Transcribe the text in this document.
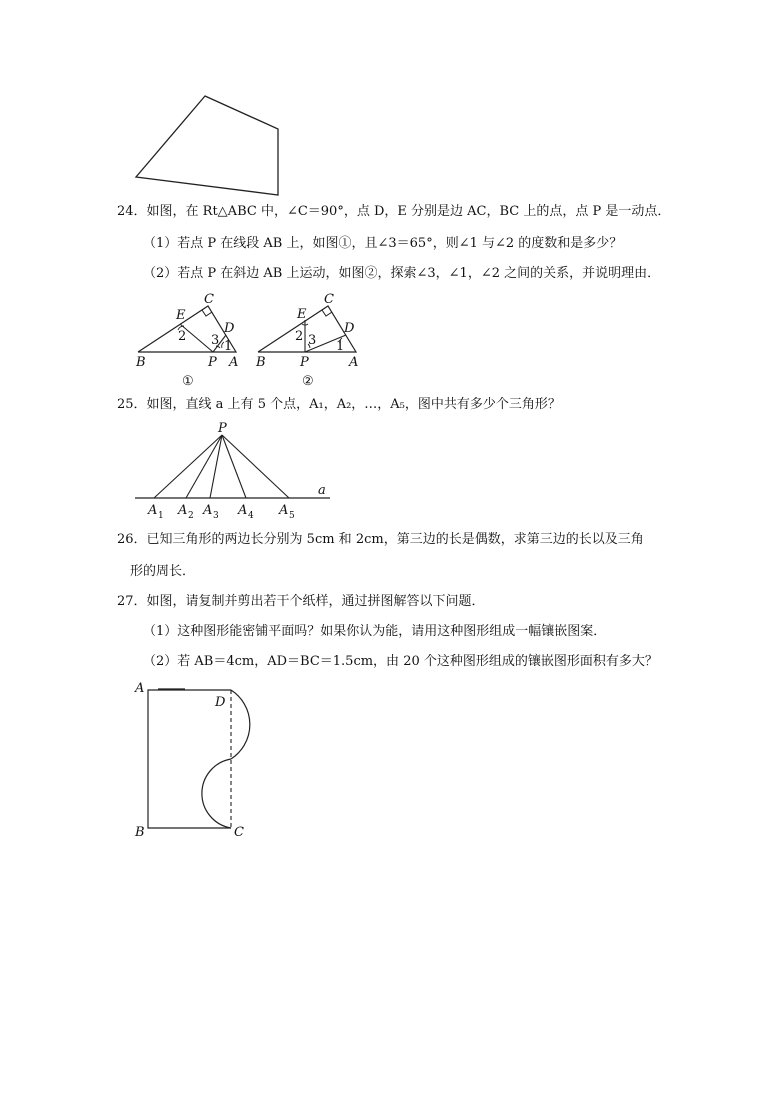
24．如图，在 Rt△ABC 中，∠C＝90°，点 D，E 分别是边 AC，BC 上的点，点 P 是一动点．
（1）若点 P 在线段 AB 上，如图①，且∠3＝65°，则∠1 与∠2 的度数和是多少？
（2）若点 P 在斜边 AB 上运动，如图②，探索∠3，∠1，∠2 之间的关系，并说明理由．
C
E
D
B	P A
1
2 3
①
C
E
D
B	P	A
1
2 3
②
25．如图，直线 a 上有 5 个点，A₁，A₂，…，A₅，图中共有多少个三角形？
P
a
A 1 A 2 A 3 A 4 A 5
26．已知三角形的两边长分别为 5cm 和 2cm，第三边的长是偶数，求第三边的长以及三角
形的周长．
27．如图，请复制并剪出若干个纸样，通过拼图解答以下问题．
（1）这种图形能密铺平面吗？如果你认为能，请用这种图形组成一幅镶嵌图案．
（2）若 AB＝4cm，AD＝BC＝1.5cm，由 20 个这种图形组成的镶嵌图形面积有多大？
A
D
B	C
